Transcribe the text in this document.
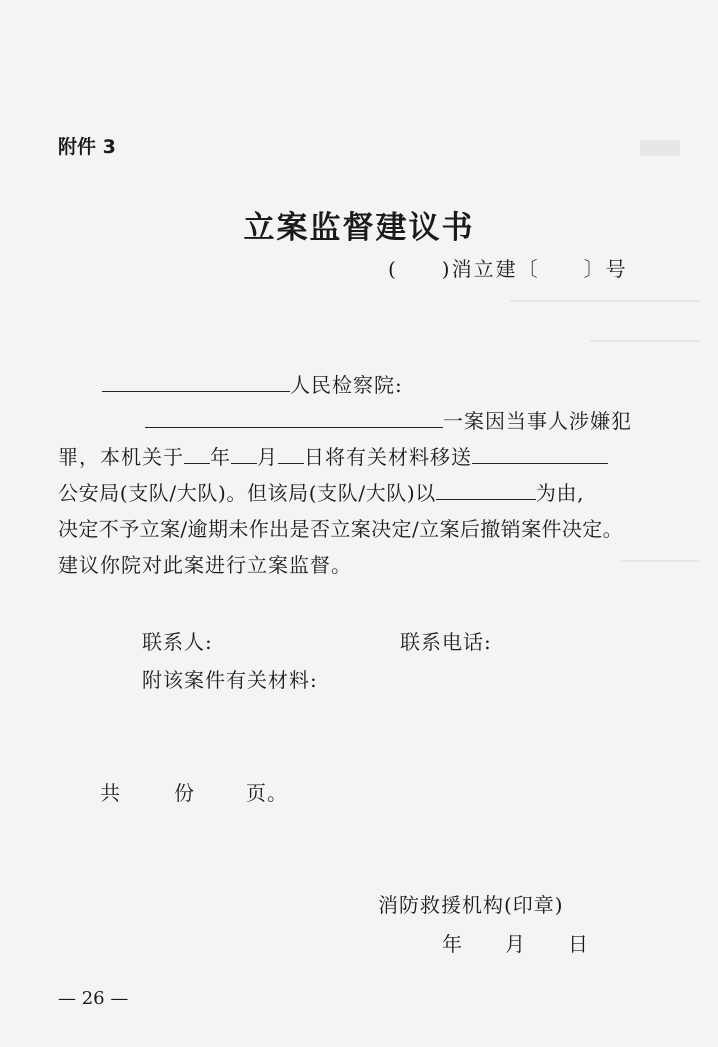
附件 3
立案监督建议书
(　　)消立建〔　　〕号
人民检察院:
一案因当事人涉嫌犯
罪，本机关于 年 月 日将有关材料移送
公安局(支队/大队)。但该局(支队/大队)以	为由,
决定不予立案/逾期未作出是否立案决定/立案后撤销案件决定。
建议你院对此案进行立案监督。
联系人:	联系电话:
附该案件有关材料:
共	份	页。
消防救援机构(印章)
年 月 日
— 26 —
